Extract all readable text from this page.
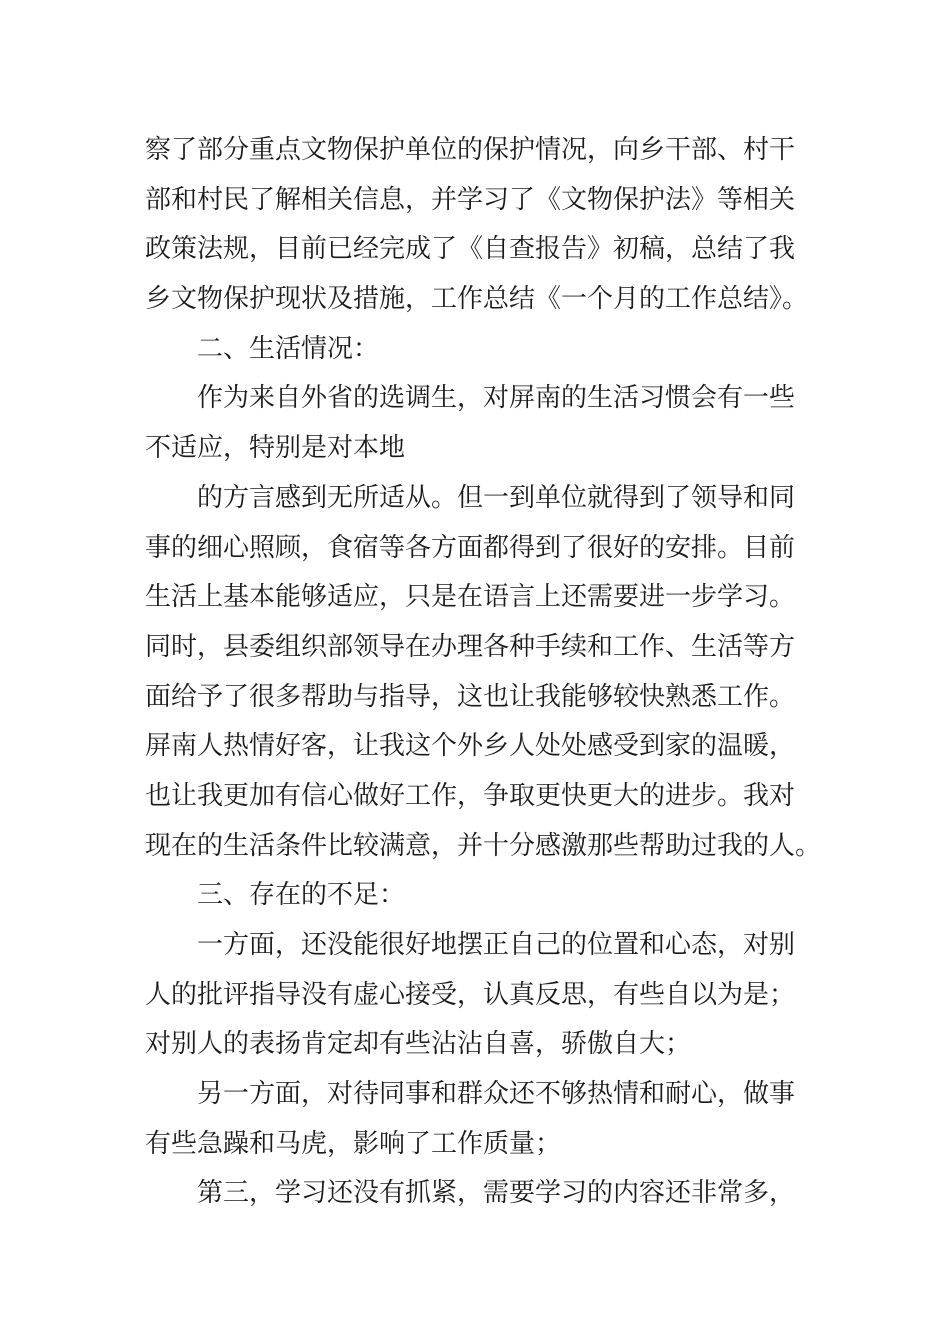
察了部分重点文物保护单位的保护情况，向乡干部、村干
部和村民了解相关信息，并学习了《文物保护法》等相关
政策法规，目前已经完成了《自查报告》初稿，总结了我
乡文物保护现状及措施，工作总结《一个月的工作总结》。
二、生活情况：
作为来自外省的选调生，对屏南的生活习惯会有一些
不适应，特别是对本地
的方言感到无所适从。但一到单位就得到了领导和同
事的细心照顾，食宿等各方面都得到了很好的安排。目前
生活上基本能够适应，只是在语言上还需要进一步学习。
同时，县委组织部领导在办理各种手续和工作、生活等方
面给予了很多帮助与指导，这也让我能够较快熟悉工作。
屏南人热情好客，让我这个外乡人处处感受到家的温暖，
也让我更加有信心做好工作，争取更快更大的进步。我对
现在的生活条件比较满意，并十分感激那些帮助过我的人。
三、存在的不足：
一方面，还没能很好地摆正自己的位置和心态，对别
人的批评指导没有虚心接受，认真反思，有些自以为是；
对别人的表扬肯定却有些沾沾自喜，骄傲自大；
另一方面，对待同事和群众还不够热情和耐心，做事
有些急躁和马虎，影响了工作质量；
第三，学习还没有抓紧，需要学习的内容还非常多，
